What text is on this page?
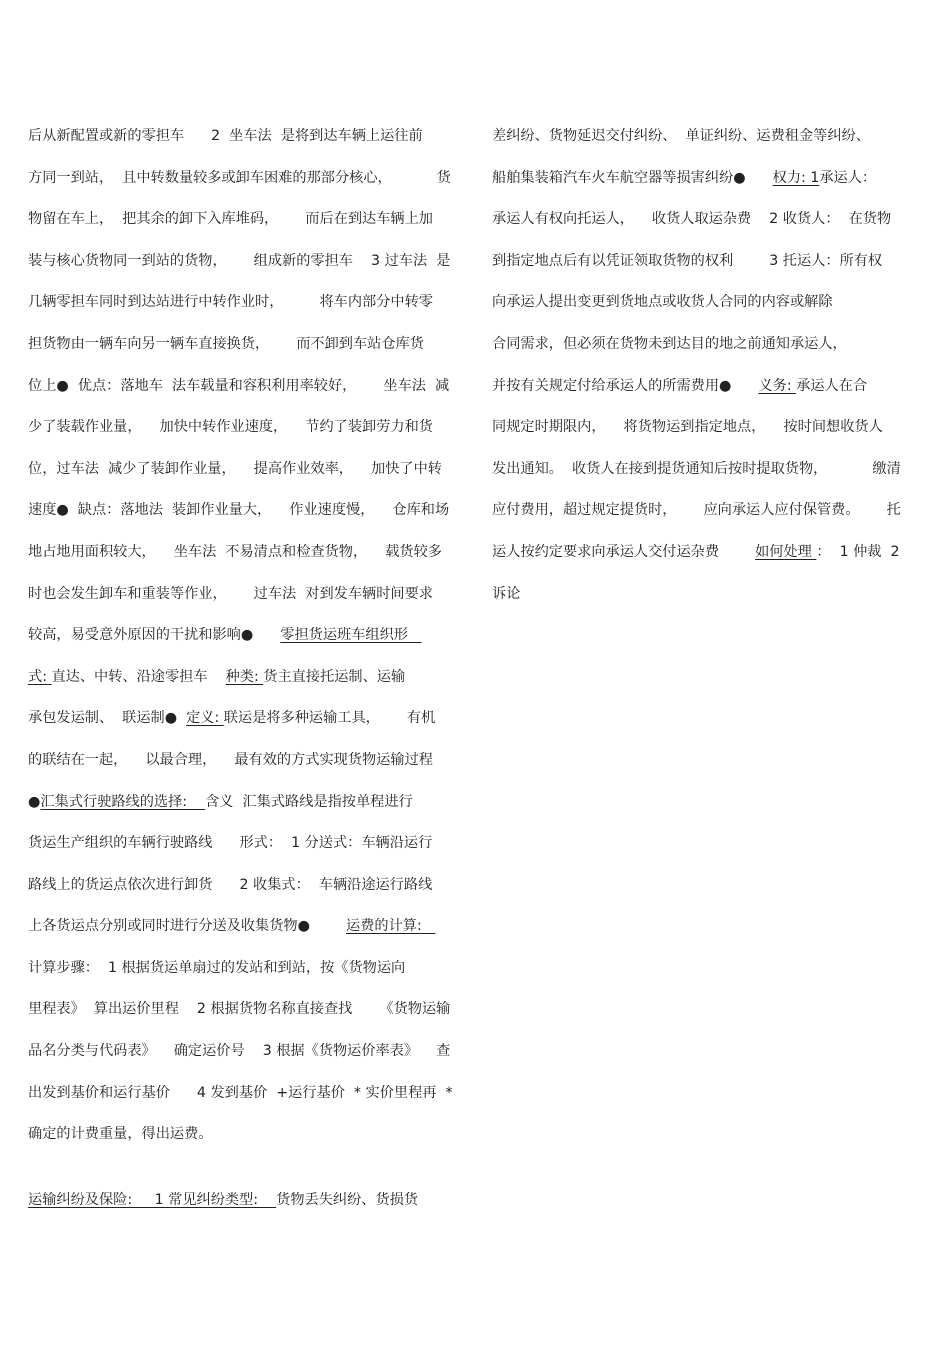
后从新配置或新的零担车      2  坐车法  是将到达车辆上运往前
方同一到站，  且中转数量较多或卸车困难的那部分核心，          货
物留在车上，  把其余的卸下入库堆码，      而后在到达车辆上加
装与核心货物同一到站的货物，      组成新的零担车    3 过车法  是
几辆零担车同时到达站进行中转作业时，        将车内部分中转零
担货物由一辆车向另一辆车直接换货，      而不卸到车站仓库货
位上●  优点：落地车  法车载量和容积利用率较好，      坐车法  减
少了装载作业量，    加快中转作业速度，    节约了装卸劳力和货
位，过车法  减少了装卸作业量，    提高作业效率，    加快了中转
速度●  缺点：落地法  装卸作业量大，    作业速度慢，    仓库和场
地占地用面积较大，    坐车法  不易清点和检查货物，    载货较多
时也会发生卸车和重装等作业，      过车法  对到发车辆时间要求
较高，易受意外原因的干扰和影响●      零担货运班车组织形
式: 直达、中转、沿途零担车    种类: 货主直接托运制、运输
承包发运制、  联运制●  定义: 联运是将多种运输工具，      有机
的联结在一起，    以最合理，    最有效的方式实现货物运输过程
●汇集式行驶路线的选择:    含义  汇集式路线是指按单程进行
货运生产组织的车辆行驶路线      形式：  1 分送式：车辆沿运行
路线上的货运点依次进行卸货      2 收集式：  车辆沿途运行路线
上各货运点分别或同时进行分送及收集货物●        运费的计算:
计算步骤：  1 根据货运单扇过的发站和到站，按《货物运向
里程表》  算出运价里程    2 根据货物名称直接查找      《货物运输
品名分类与代码表》    确定运价号    3 根据《货物运价率表》    查
出发到基价和运行基价      4 发到基价  +运行基价  * 实价里程再  *
确定的计费重量，得出运费。
运输纠纷及保险:     1 常见纠纷类型:    货物丢失纠纷、货损货
差纠纷、货物延迟交付纠纷、  单证纠纷、运费租金等纠纷、
船舶集装箱汽车火车航空器等损害纠纷●      权力: 1承运人：
承运人有权向托运人，    收货人取运杂费    2 收货人：  在货物
到指定地点后有以凭证领取货物的权利        3 托运人：所有权
向承运人提出变更到货地点或收货人合同的内容或解除
合同需求，但必须在货物未到达目的地之前通知承运人，
并按有关规定付给承运人的所需费用●      义务: 承运人在合
同规定时期限内，    将货物运到指定地点，    按时间想收货人
发出通知。  收货人在接到提货通知后按时提取货物，          缴清
应付费用，超过规定提货时，      应向承运人应付保管费。      托
运人按约定要求向承运人交付运杂费        如何处理 ：  1 仲裁  2
诉论
